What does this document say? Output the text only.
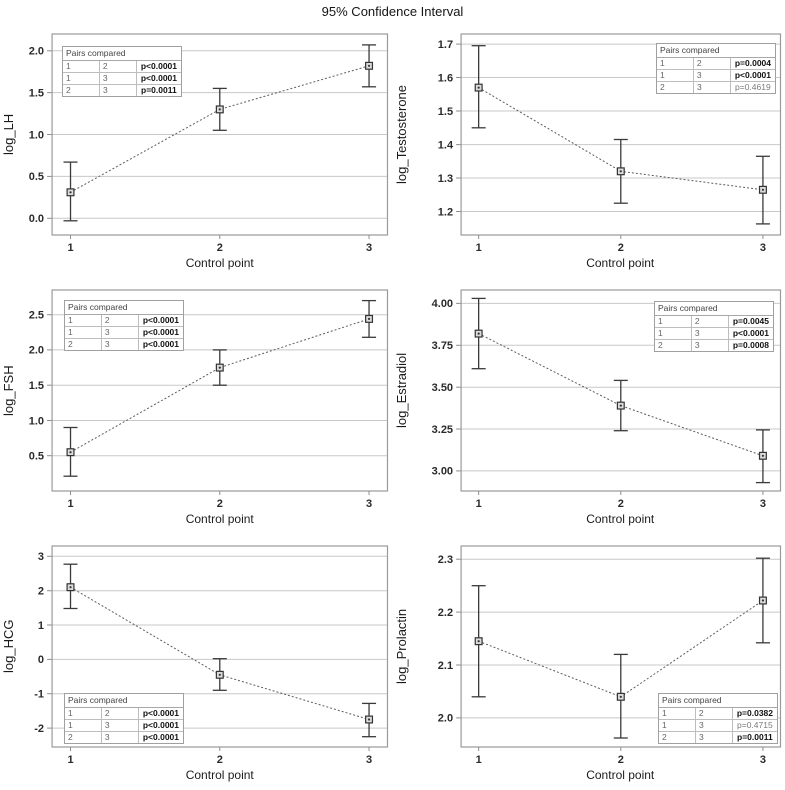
95% Confidence Interval
log_LH
0.0
0.5
1.0
1.5
2.0
1	2	3
Control point
Pairs compared
1	2	p<0.0001
1	3	p<0.0001
2	3	p=0.0011	log_Testosterone
1.2
1.3
1.4
1.5
1.6
1.7
1	2	3
Control point
Pairs compared
1	2	p=0.0004
1	3	p<0.0001
2	3	p=0.4619
log_FSH
0.5
1.0
1.5
2.0
2.5
1	2	3
Control point
Pairs compared
1	2	p<0.0001
1	3	p<0.0001
2	3	p<0.0001
log_Estradiol
3.00
3.25
3.50
3.75
4.00
1	2	3
Control point
Pairs compared
1	2	p=0.0045
1	3	p<0.0001
2	3	p=0.0008
log_HCG
-2
-1
0
1
2
3
1	2	3
Control point
Pairs compared
1	2	p<0.0001
1	3	p<0.0001
2	3	p<0.0001
log_Prolactin
2.0
2.1
2.2
2.3
1	2	3
Control point
Pairs compared
1	2	p=0.0382
1	3	p=0.4715
2	3	p=0.0011
